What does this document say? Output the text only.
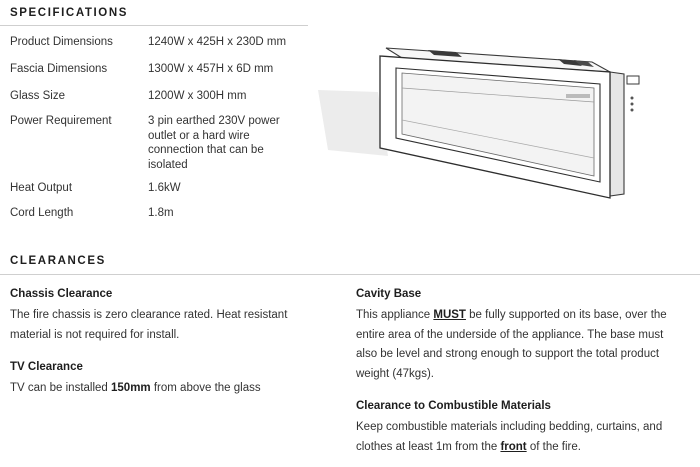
SPECIFICATIONS
Product Dimensions	1240W x 425H x 230D mm
Fascia Dimensions	1300W x 457H x 6D mm
Glass Size	1200W x 300H mm
Power Requirement	3 pin earthed 230V power outlet or a hard wire connection that can be isolated
Heat Output	1.6kW
Cord Length	1.8m
CLEARANCES
Chassis Clearance
The fire chassis is zero clearance rated. Heat resistant material is not required for install.
TV Clearance
TV can be installed 150mm from above the glass
Cavity Base
This appliance MUST be fully supported on its base, over the entire area of the underside of the appliance. The base must also be level and strong enough to support the total product weight (47kgs).
Clearance to Combustible Materials
Keep combustible materials including bedding, curtains, and clothes at least 1m from the front of the fire.
